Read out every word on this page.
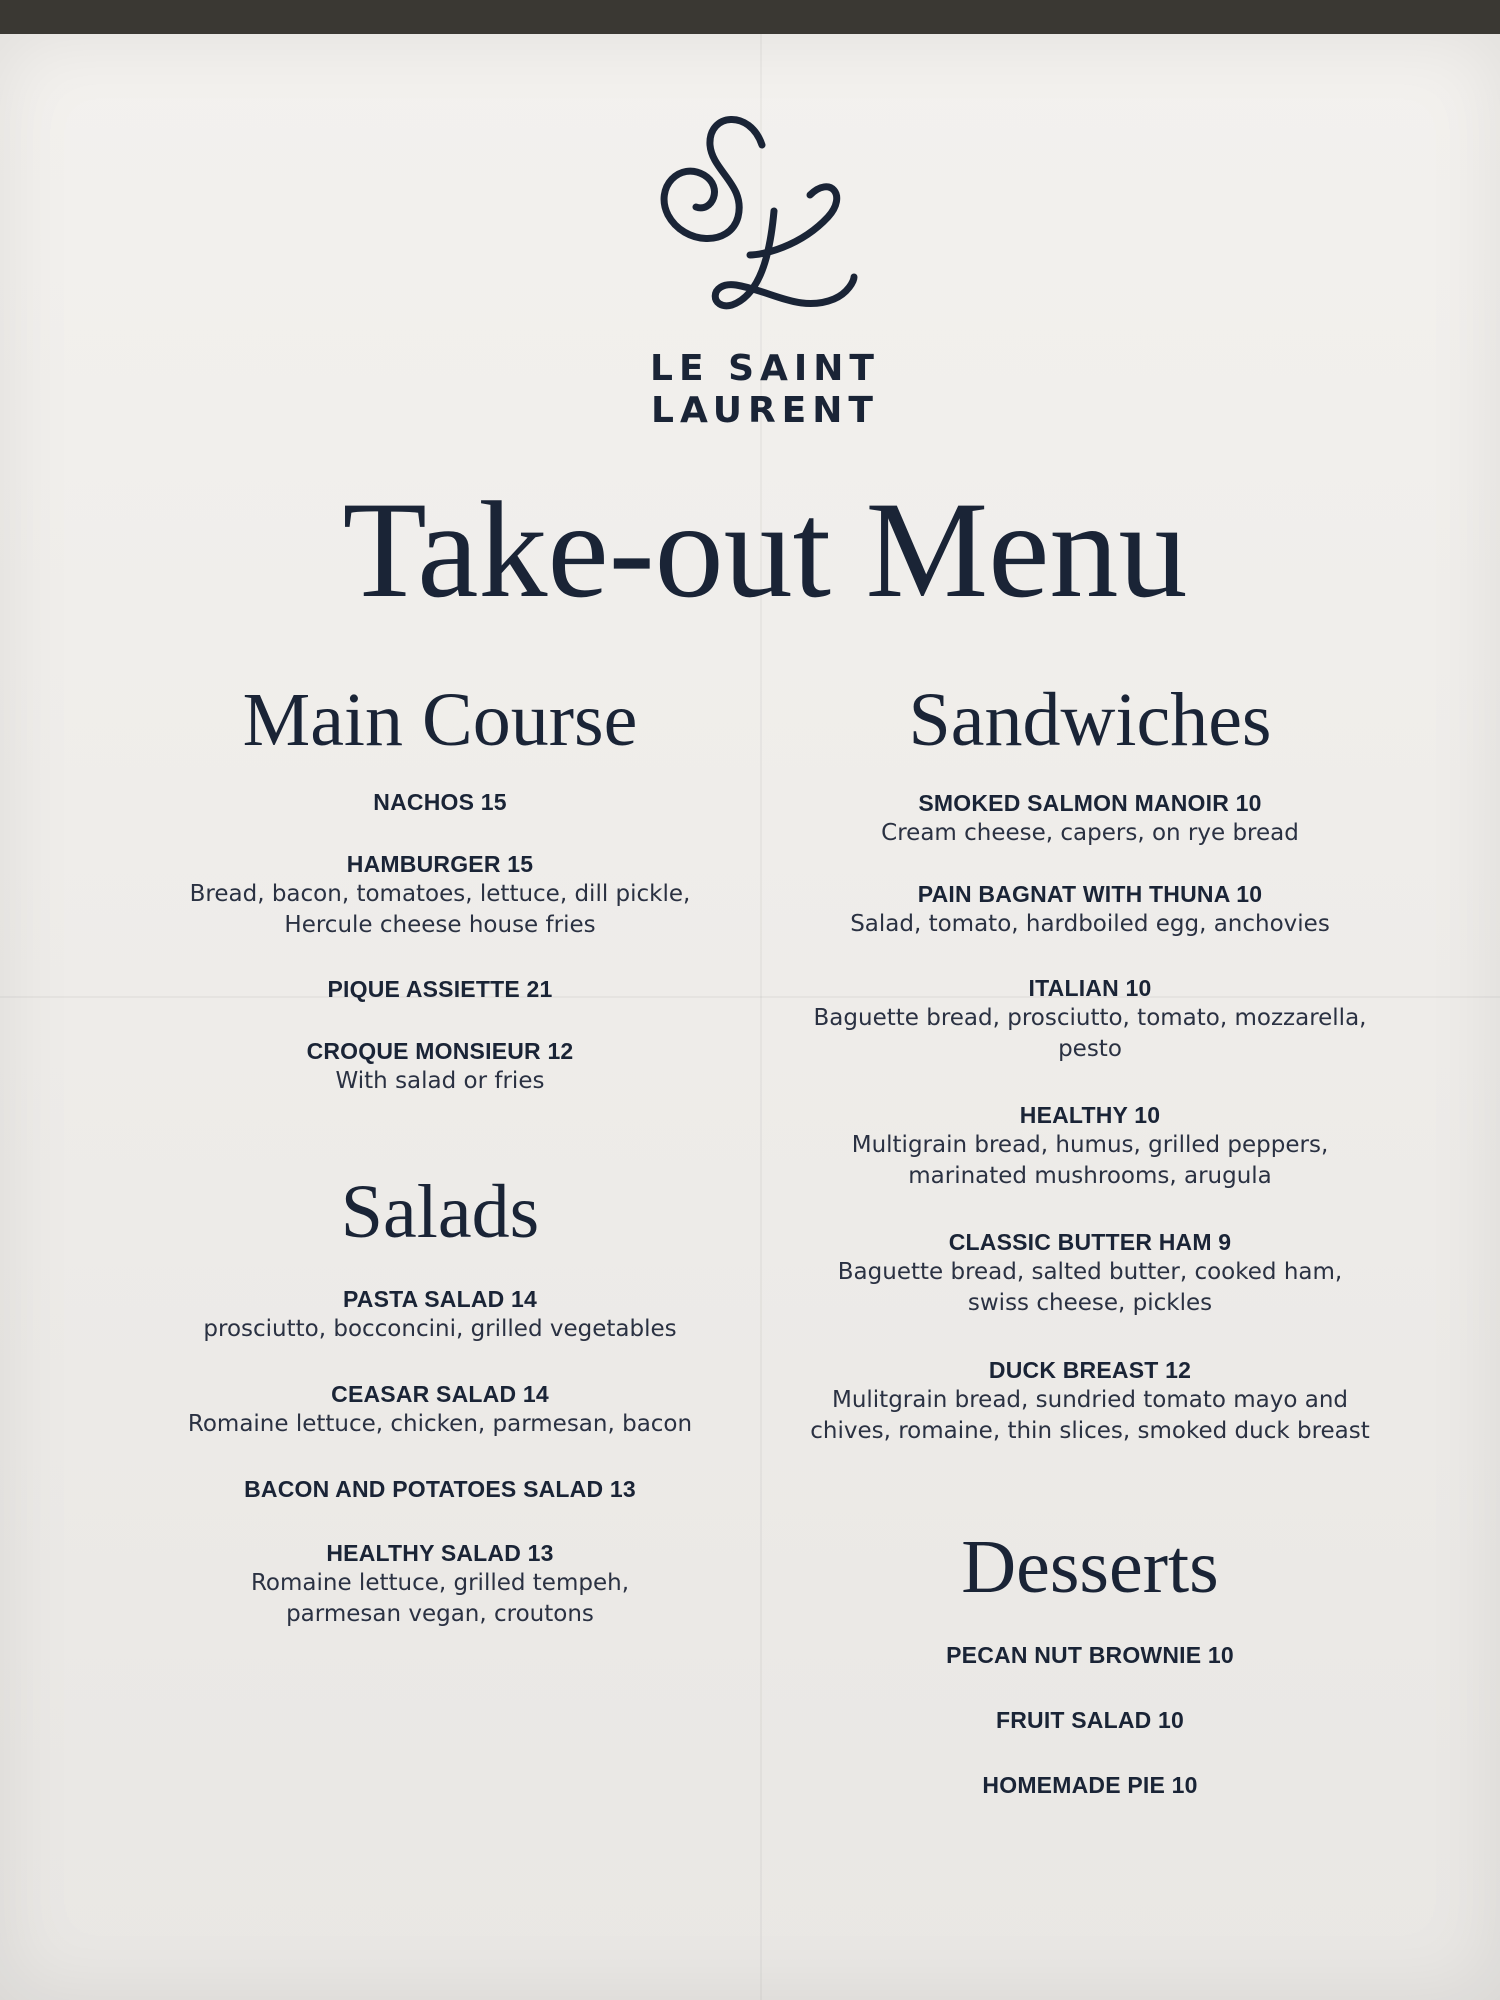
LE SAINT
LAURENT
Take-out Menu
Main Course
NACHOS 15
HAMBURGER 15
Bread, bacon, tomatoes, lettuce, dill pickle, Hercule cheese house fries
PIQUE ASSIETTE 21
CROQUE MONSIEUR 12
With salad or fries
Salads
PASTA SALAD 14
prosciutto, bocconcini, grilled vegetables
CEASAR SALAD 14
Romaine lettuce, chicken, parmesan, bacon
BACON AND POTATOES SALAD 13
HEALTHY SALAD 13
Romaine lettuce, grilled tempeh, parmesan vegan, croutons
Sandwiches
SMOKED SALMON MANOIR 10
Cream cheese, capers, on rye bread
PAIN BAGNAT WITH THUNA 10
Salad, tomato, hardboiled egg, anchovies
ITALIAN 10
Baguette bread, prosciutto, tomato, mozzarella, pesto
HEALTHY 10
Multigrain bread, humus, grilled peppers, marinated mushrooms, arugula
CLASSIC BUTTER HAM 9
Baguette bread, salted butter, cooked ham, swiss cheese, pickles
DUCK BREAST 12
Mulitgrain bread, sundried tomato mayo and chives, romaine, thin slices, smoked duck breast
Desserts
PECAN NUT BROWNIE 10
FRUIT SALAD 10
HOMEMADE PIE 10
